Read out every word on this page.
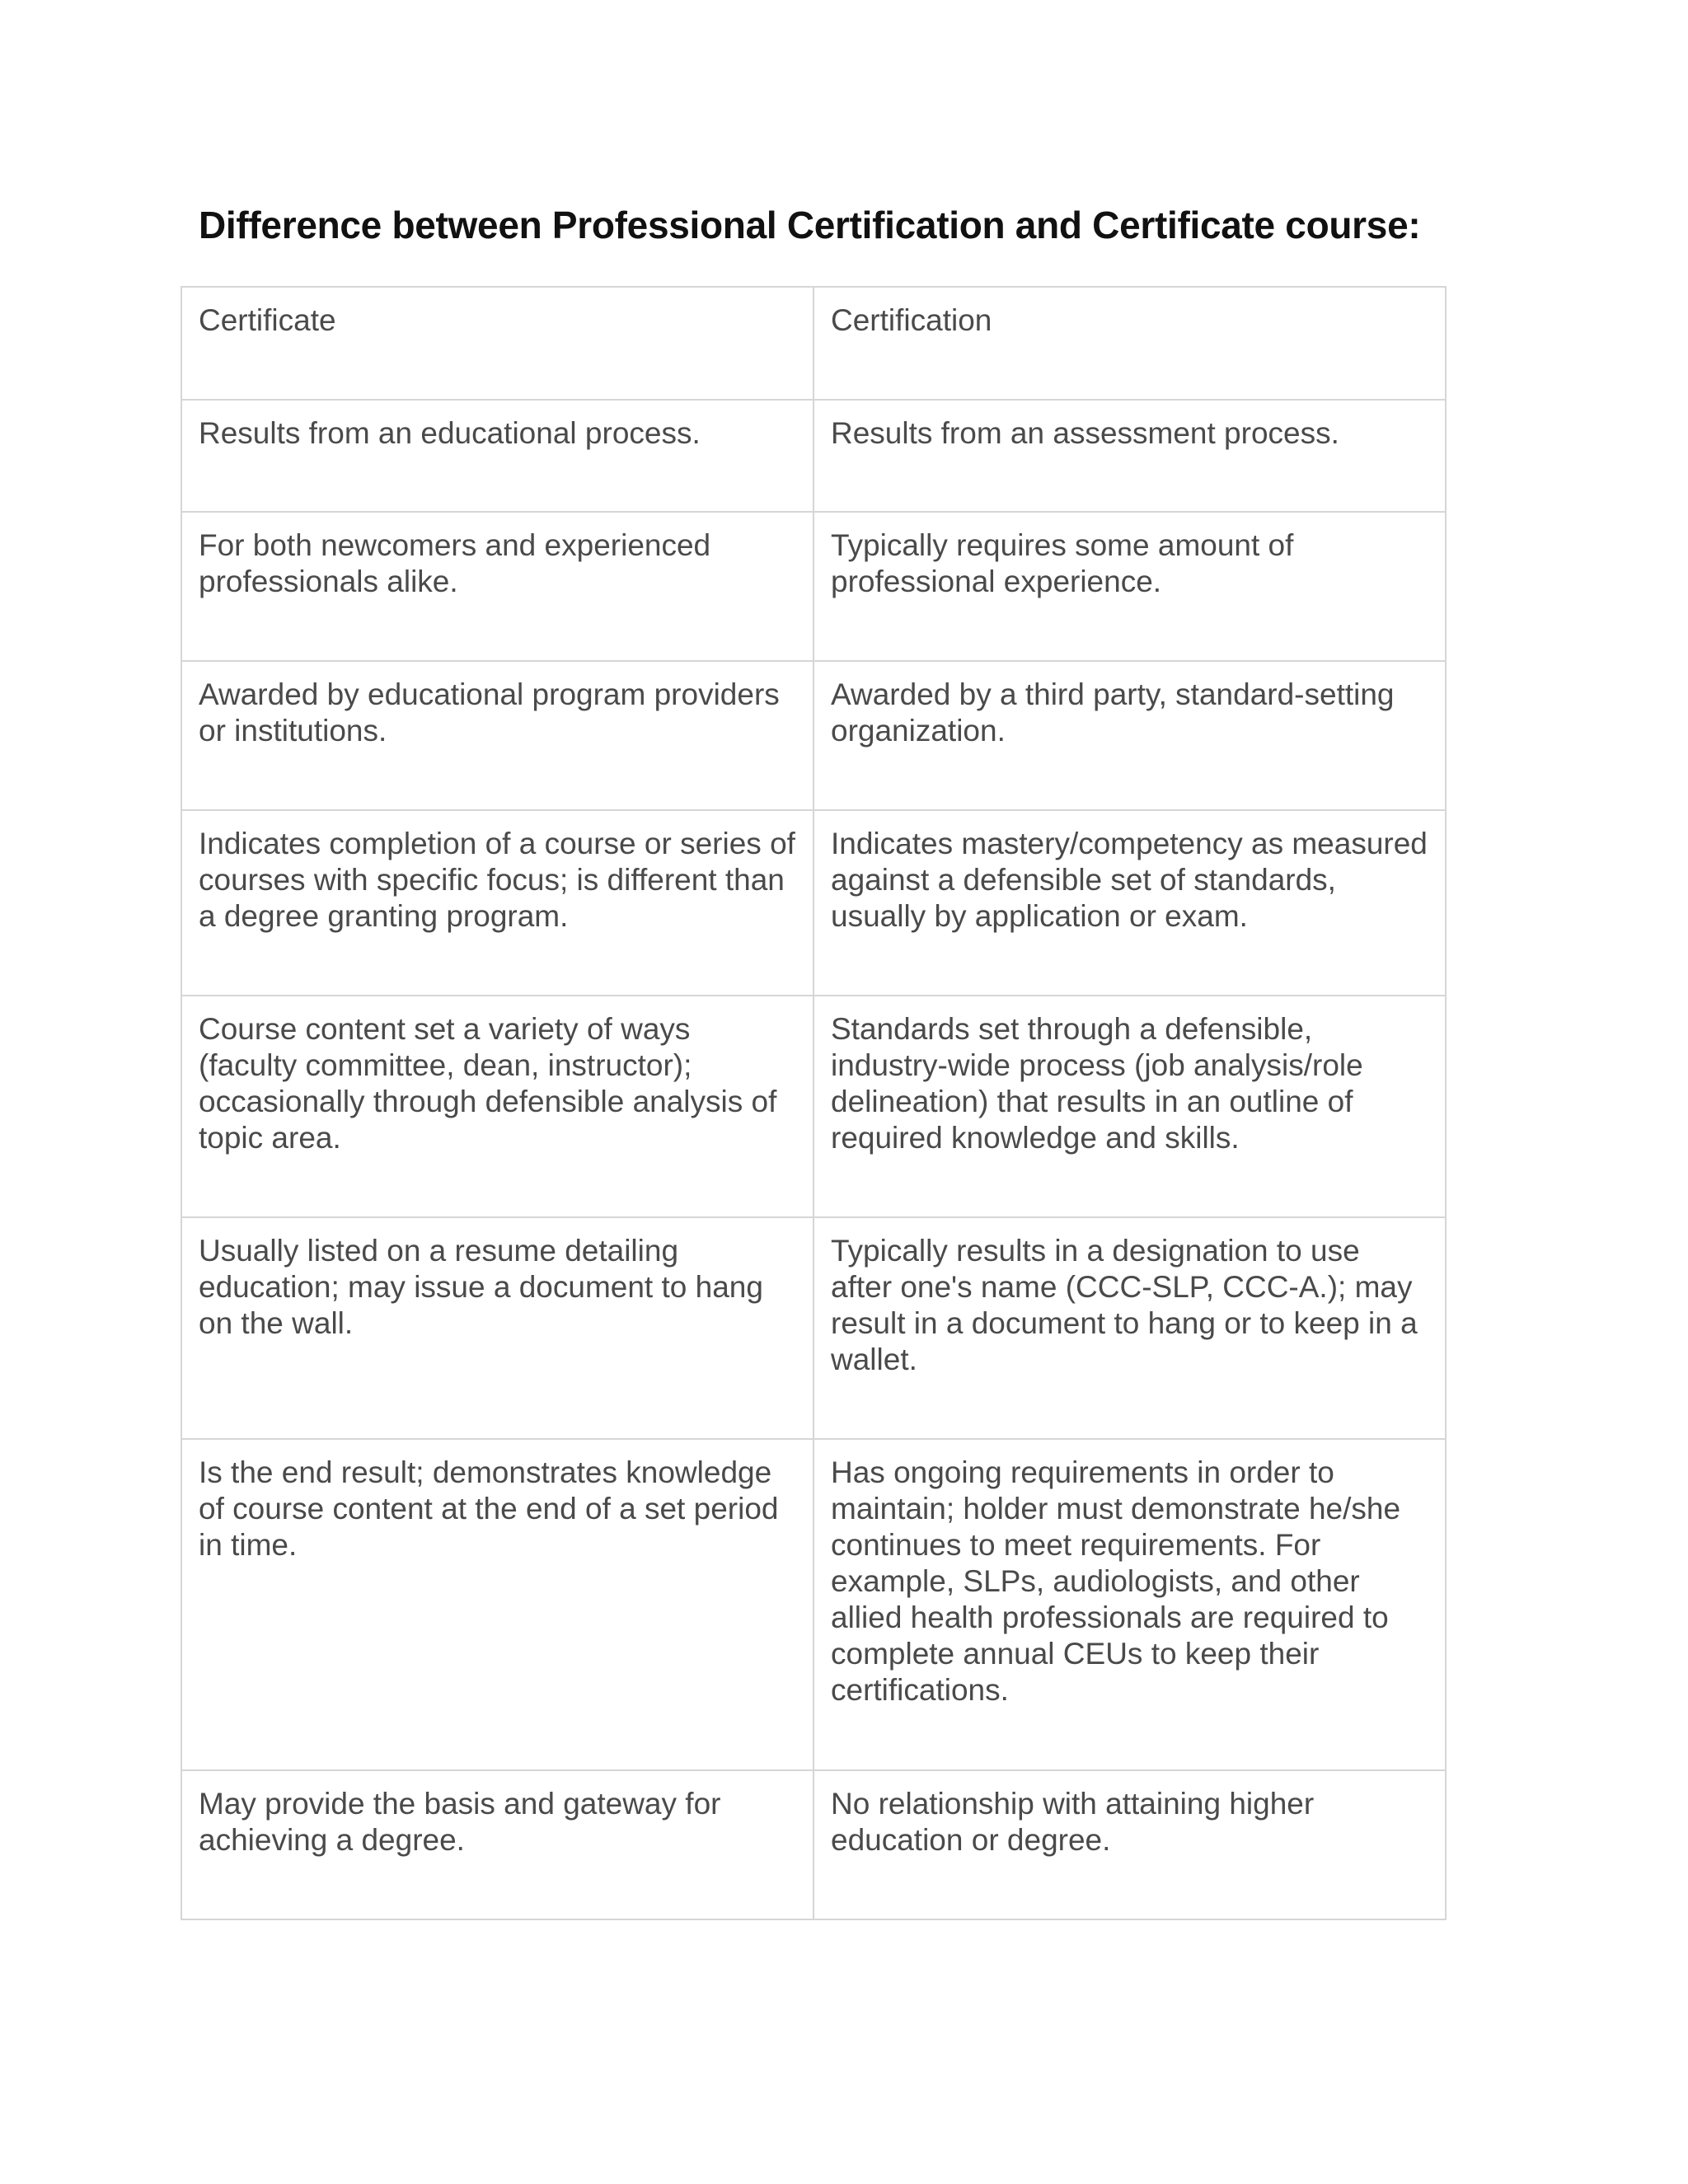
Difference between Professional Certification and Certificate course:
Certificate	Certification
Results from an educational process.	Results from an assessment process.
For both newcomers and experienced professionals alike.	Typically requires some amount of professional experience.
Awarded by educational program providers or institutions.	Awarded by a third party, standard-setting organization.
Indicates completion of a course or series of courses with specific focus; is different than a degree granting program.	Indicates mastery/competency as measured against a defensible set of standards, usually by application or exam.
Course content set a variety of ways (faculty committee, dean, instructor); occasionally through defensible analysis of topic area.	Standards set through a defensible, industry-wide process (job analysis/role delineation) that results in an outline of required knowledge and skills.
Usually listed on a resume detailing education; may issue a document to hang on the wall.	Typically results in a designation to use after one's name (CCC-SLP, CCC-A.); may result in a document to hang or to keep in a wallet.
Is the end result; demonstrates knowledge of course content at the end of a set period in time.	Has ongoing requirements in order to maintain; holder must demonstrate he/she continues to meet requirements. For example, SLPs, audiologists, and other allied health professionals are required to complete annual CEUs to keep their certifications.
May provide the basis and gateway for achieving a degree.	No relationship with attaining higher education or degree.
